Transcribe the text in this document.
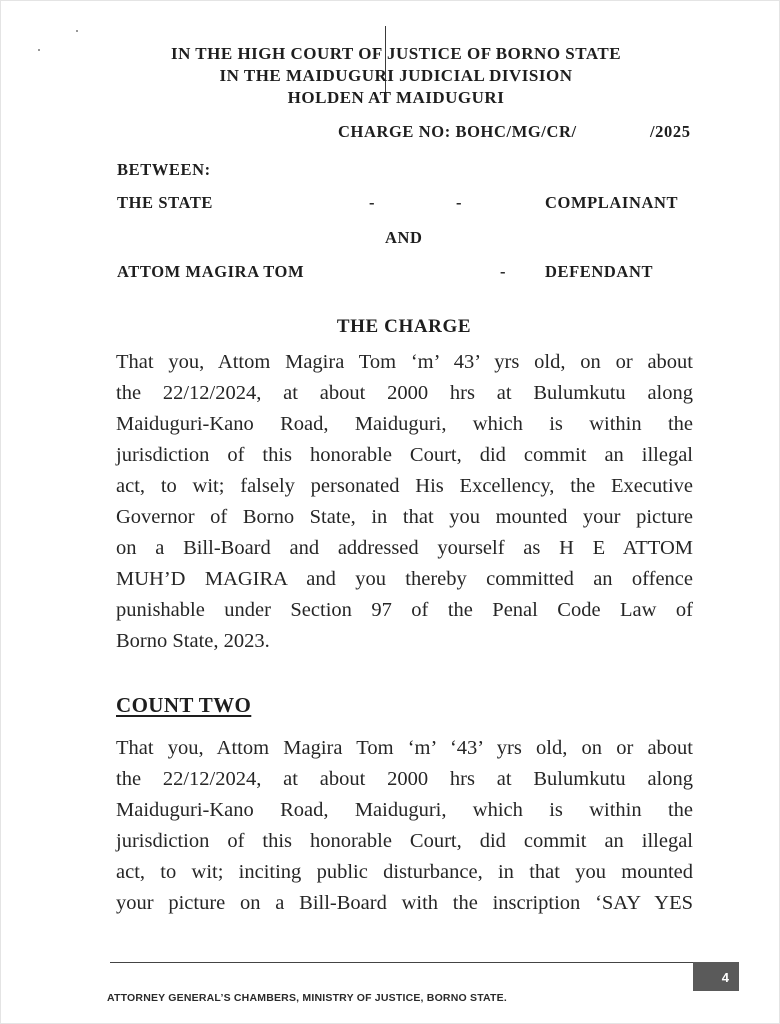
IN THE HIGH COURT OF JUSTICE OF BORNO STATE
IN THE MAIDUGURI JUDICIAL DIVISION
HOLDEN AT MAIDUGURI
CHARGE NO: BOHC/MG/CR/	/2025
BETWEEN:
THE STATE	-	-	COMPLAINANT
AND
ATTOM MAGIRA TOM	- DEFENDANT
THE CHARGE

That you, Attom Magira Tom ‘m’ 43’ yrs old, on or about
the 22/12/2024, at about 2000 hrs at Bulumkutu along
Maiduguri-Kano Road, Maiduguri, which is within the
jurisdiction of this honorable Court, did commit an illegal
act, to wit; falsely personated His Excellency, the Executive
Governor of Borno State, in that you mounted your picture
on a Bill-Board and addressed yourself as H E ATTOM
MUH’D MAGIRA and you thereby committed an offence
punishable under Section 97 of the Penal Code Law of
Borno State, 2023.

COUNT TWO

That you, Attom Magira Tom ‘m’ ‘43’ yrs old, on or about
the 22/12/2024, at about 2000 hrs at Bulumkutu along
Maiduguri-Kano Road, Maiduguri, which is within the
jurisdiction of this honorable Court, did commit an illegal
act, to wit; inciting public disturbance, in that you mounted
your picture on a Bill-Board with the inscription ‘SAY YES

4
ATTORNEY GENERAL’S CHAMBERS, MINISTRY OF JUSTICE, BORNO STATE.
